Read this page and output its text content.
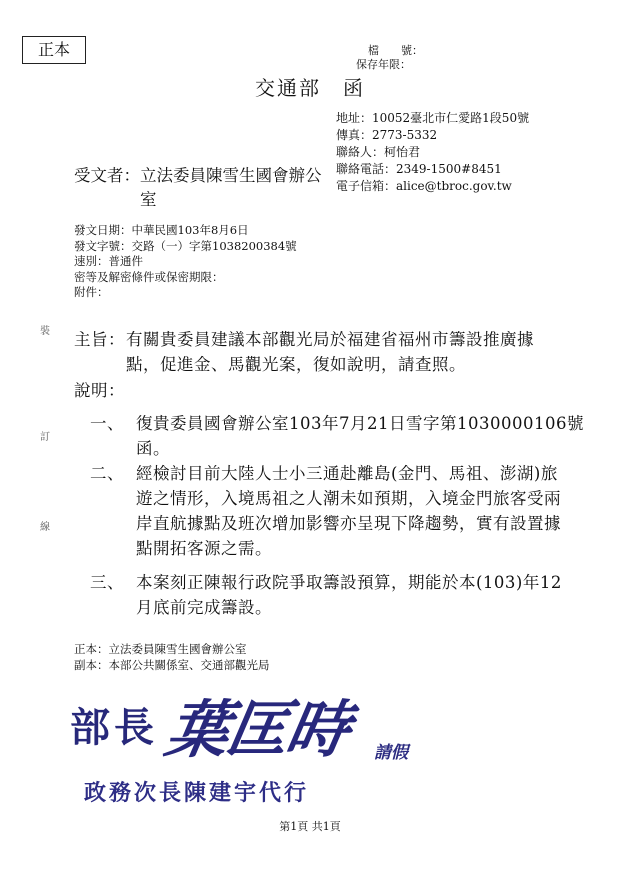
正本	檔　　號：
保存年限：
交通部　函
地址：10052臺北市仁愛路1段50號
傳真：2773-5332
聯絡人：柯怡君
聯絡電話：2349-1500#8451
電子信箱：alice@tbroc.gov.tw
受文者：立法委員陳雪生國會辦公
室
發文日期：中華民國103年8月6日
發文字號：交路（一）字第1038200384號
速別：普通件
密等及解密條件或保密期限：
附件：
裝
訂
線
主旨： 有關貴委員建議本部觀光局於福建省福州市籌設推廣據
點，促進金、馬觀光案，復如說明，請查照。
說明：
一、 復貴委員國會辦公室103年7月21日雪字第1030000106號
函。
二、 經檢討目前大陸人士小三通赴離島(金門、馬祖、澎湖)旅
遊之情形，入境馬祖之人潮未如預期，入境金門旅客受兩
岸直航據點及班次增加影響亦呈現下降趨勢，實有設置據
點開拓客源之需。
三、 本案刻正陳報行政院爭取籌設預算，期能於本(103)年12
月底前完成籌設。
正本：立法委員陳雪生國會辦公室
副本：本部公共關係室、交通部觀光局
部長 葉匡時 請假
政務次長陳建宇代行
第1頁 共1頁
